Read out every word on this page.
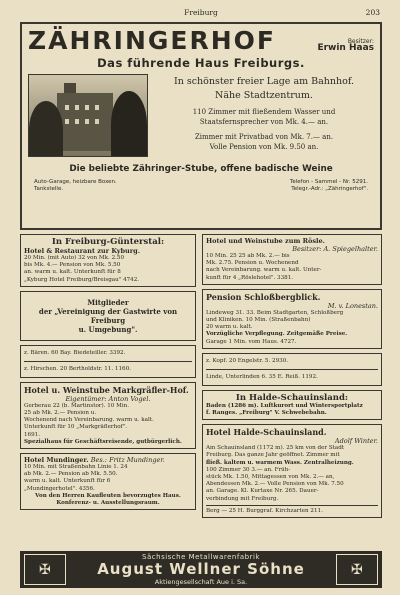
Freiburg	203
ZÄHRINGERHOF	Besitzer:
Erwin Haas
Das führende Haus Freiburgs.
In schönster freier Lage am Bahnhof.
Nähe Stadtzentrum.
110 Zimmer mit fließendem Wasser und
Staatsfernsprecher von Mk. 4.— an.
Zimmer mit Privatbad von Mk. 7.— an.
Volle Pension von Mk. 9.50 an.
Die beliebte Zähringer-Stube, offene badische Weine
Auto-Garage, heizbare Boxen.
Tankstelle.
Telefon - Sammel - Nr. 5291.
Telegr.-Adr.: „Zähringerhof".
In Freiburg-Günterstal:
Hotel & Restaurant zur Kyburg.
20 Min. (mit Auto) 32 von Mk. 2.50
bis Mk. 4.— Pension von Mk. 5.50
an. warm u. kalt. Unterkunft für 8
„Kyburg Hotel Freiburg/Breisgau" 4742.
Mitglieder
der „Vereinigung der Gastwirte von Freiburg
u. Umgebung".
z. Bären. 60 Bay. Biedeteiller. 3392.
z. Hirschen. 20 Bertholdstr. 11. 1160.
Hotel u. Weinstube Markgräfler-Hof.
Eigentümer: Anton Vogel.
Gerberau 22 (b. Martinstor). 10 Min.
25 ab Mk. 2.— Pension u.
Wochenend nach Vereinbarung. warm u. kalt.
Unterkunft für 10 „Markgräflerhof".
1691.
Spezialhaus für Geschäftsreisende, gutbürgerlich.
Hotel Mundinger. Bes.: Fritz Mundinger.
10 Min. mit Straßenbahn Linie 1. 24
ab Mk. 2.— Pension ab Mk. 5.50.
warm u. kalt. Unterkunft für 6
„Mundingerhotel". 4356.
Von den Herren Kaufleuten bevorzugtes Haus. Konferenz- u. Ausstellungsraum.
Hotel und Weinstube zum Rösle.
Besitzer: A. Spiegelhalter.
10 Min. 25 25 ab Mk. 2.— bis
Mk. 2.75. Pension u. Wochenend
nach Vereinbarung. warm u. kalt. Unter-
kunft für 4 „Röslehotel". 3381.
Pension Schloßbergblick.
M. v. Lonestan.
Lindeweg 31. 33. Beim Stadtgarten, Schloßberg
und Kliniken. 10 Min. (Straßenbahn)
20 warm u. kalt.
Vorzügliche Verpflegung. Zeitgemäße Preise.
Garage 1 Min. vom Haus. 4727.
z. Kopf. 20 Engelstr. 5. 2930.
Linde, Unterlinden 6. 35 E. Reiß. 1192.
In Halde-Schauinsland:
Baden (1286 m). Luftkurort und Wintersportplatz
f. Ranges. „Freiburg" V. Schwebebahn.
Hotel Halde-Schauinsland.
Adolf Winter.
Am Schauinsland (1172 m). 25 km von der Stadt
Freiburg. Das ganze Jahr geöffnet. Zimmer mit
fließ. kaltem u. warmem Wass. Zentralheizung.
100 Zimmer 30 3.— an. Früh-
stück Mk. 1.50, Mittagessen von Mk. 2.— an,
Abendessen Mk. 2.— Volle Pension von Mk. 7.50
an. Garage. Kl. Kurtaxe Nr. 265. Dauer-
verbindung mit Freiburg.
Berg — 25 H. Burggraf. Kirchzarten 211.
✠	✠
Sächsische Metallwarenfabrik
August Wellner Söhne
Aktiengesellschaft Aue i. Sa.
